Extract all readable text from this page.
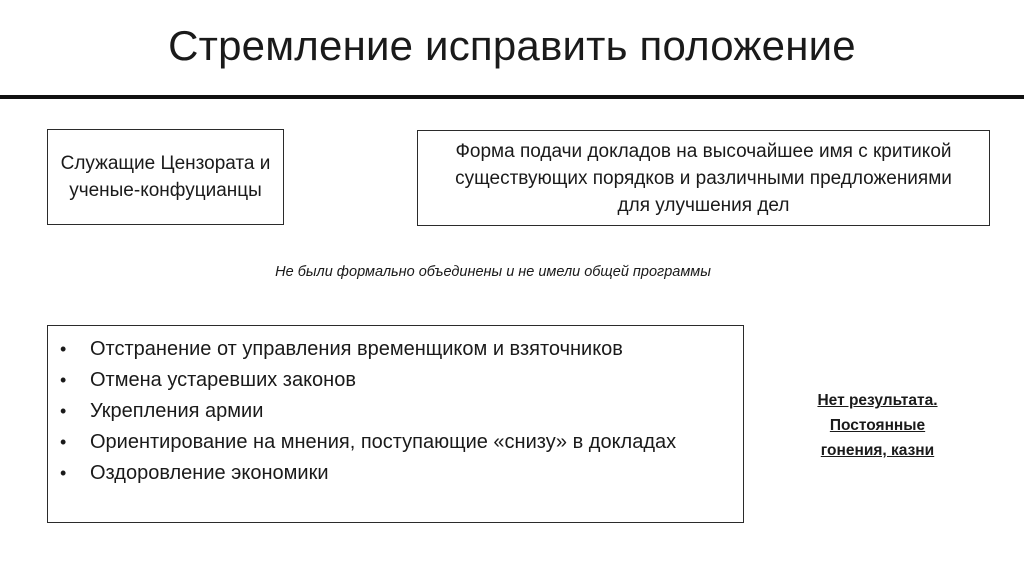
Стремление исправить положение
Служащие Цензората и ученые-конфуцианцы
Форма подачи докладов на высочайшее имя с критикой существующих порядков и различными предложениями для улучшения дел
Не были формально объединены и не имели общей программы
•	Отстранение от управления временщиком и взяточников
•	Отмена устаревших законов
•	Укрепления армии
•	Ориентирование на мнения, поступающие «снизу» в докладах
•	Оздоровление экономики
Нет результата.
Постоянные
гонения, казни
